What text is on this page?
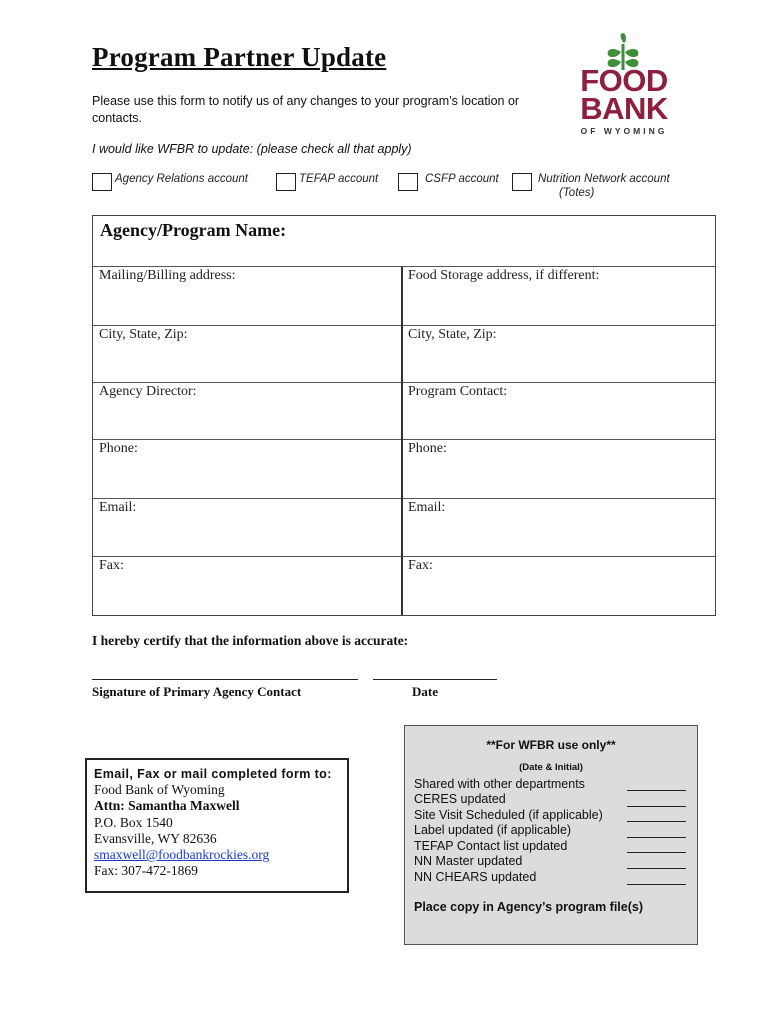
Program Partner Update
Please use this form to notify us of any changes to your program’s location or contacts.
FOOD
BANK
OF WYOMING
I would like WFBR to update: (please check all that apply)
Agency Relations account	TEFAP account	CSFP account	Nutrition Network account
(Totes)
Agency/Program Name:
Mailing/Billing address:	Food Storage address, if different:
City, State, Zip:	City, State, Zip:
Agency Director:	Program Contact:
Phone:	Phone:
Email:	Email:
Fax:	Fax:
I hereby certify that the information above is accurate:
Signature of Primary Agency Contact	Date
Email, Fax or mail completed form to:
Food Bank of Wyoming
Attn: Samantha Maxwell
P.O. Box 1540
Evansville, WY 82636
smaxwell@foodbankrockies.org
Fax: 307-472-1869
**For WFBR use only**
(Date & Initial)
Shared with other departments
CERES updated
Site Visit Scheduled (if applicable)
Label updated (if applicable)
TEFAP Contact list updated
NN Master updated
NN CHEARS updated
Place copy in Agency’s program file(s)
